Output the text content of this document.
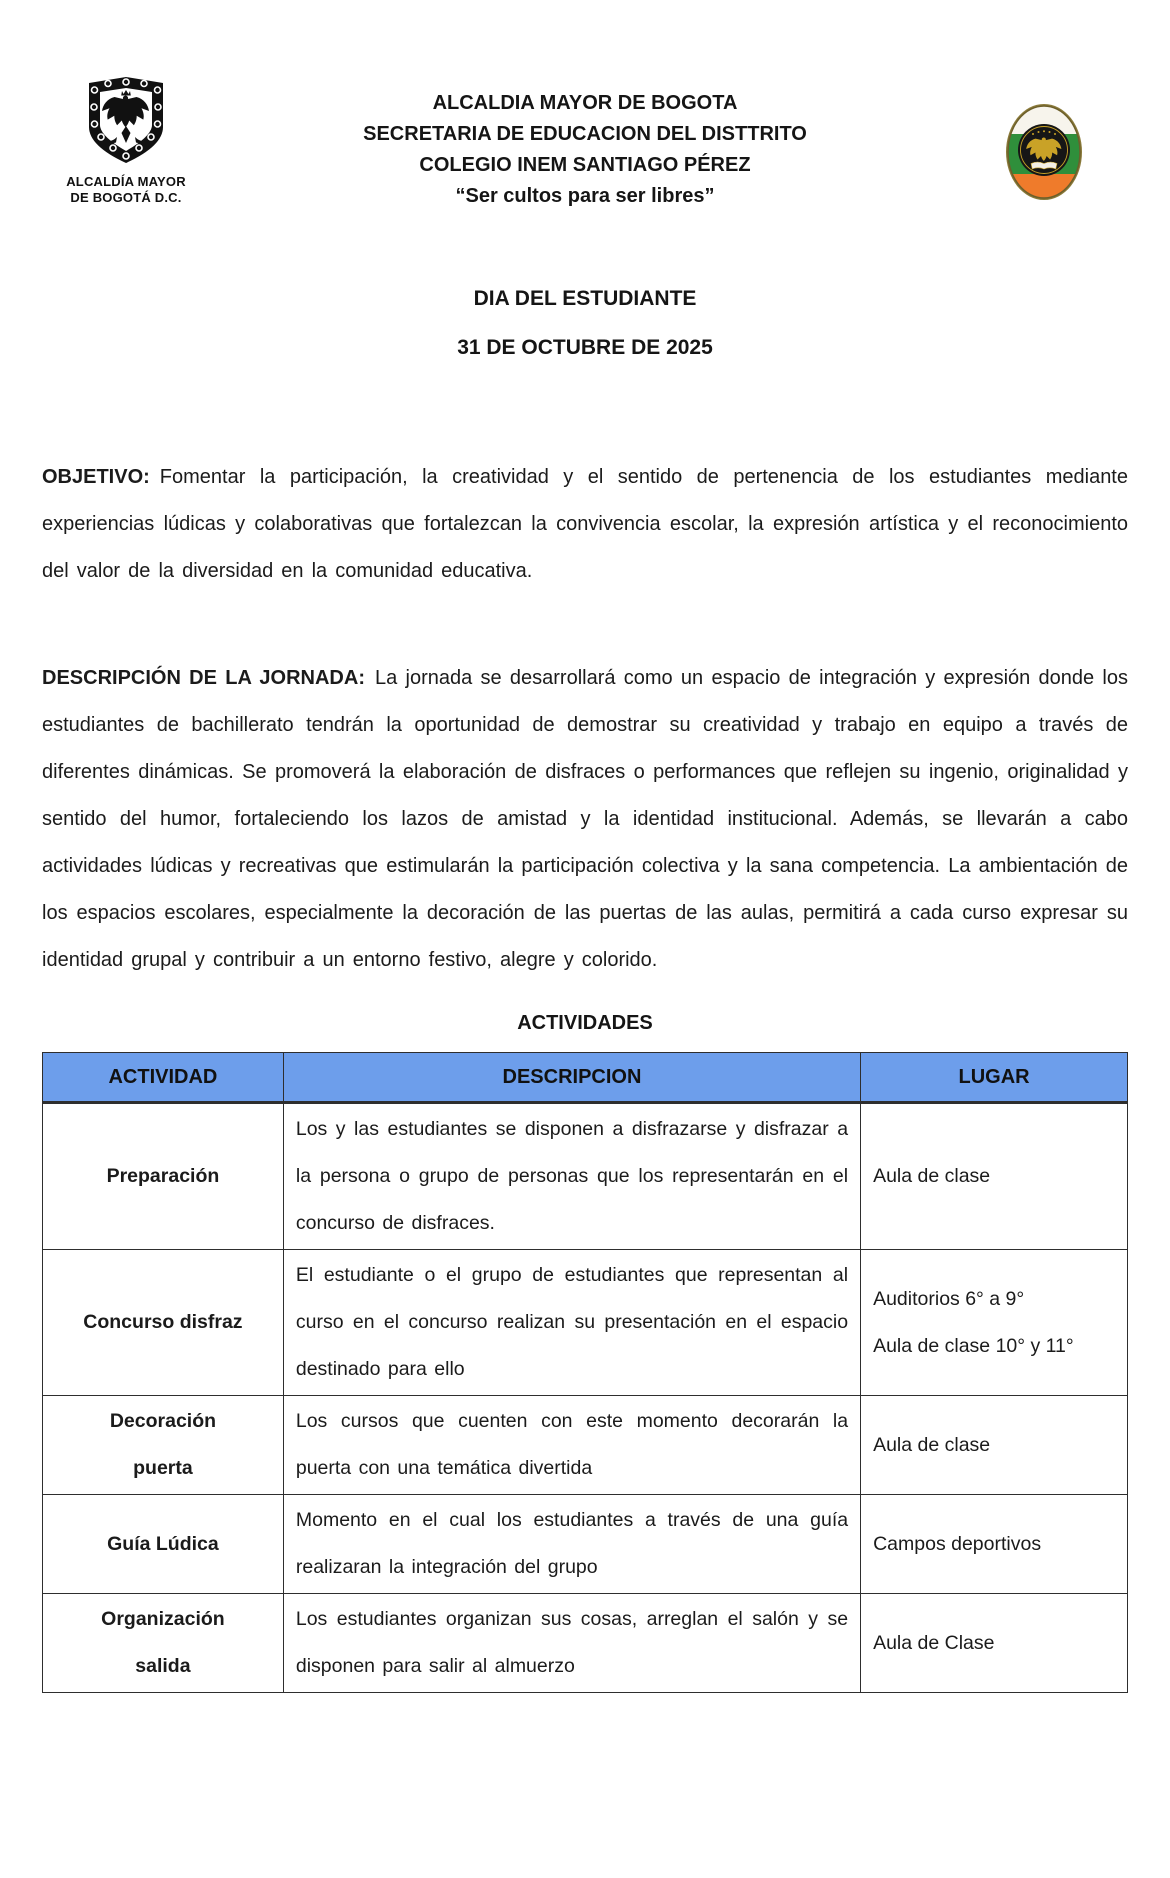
ALCALDÍA MAYOR
DE BOGOTÁ D.C.
ALCALDIA MAYOR DE BOGOTA
SECRETARIA DE EDUCACION DEL DISTTRITO
COLEGIO INEM SANTIAGO PÉREZ
“Ser cultos para ser libres”
DIA DEL ESTUDIANTE
31 DE OCTUBRE DE 2025

OBJETIVO: Fomentar la participación, la creatividad y el sentido de pertenencia de los estudiantes mediante experiencias lúdicas y colaborativas que fortalezcan la convivencia escolar, la expresión artística y el reconocimiento del valor de la diversidad en la comunidad educativa.

DESCRIPCIÓN DE LA JORNADA: La jornada se desarrollará como un espacio de integración y expresión donde los estudiantes de bachillerato tendrán la oportunidad de demostrar su creatividad y trabajo en equipo a través de diferentes dinámicas. Se promoverá la elaboración de disfraces o performances que reflejen su ingenio, originalidad y sentido del humor, fortaleciendo los lazos de amistad y la identidad institucional. Además, se llevarán a cabo actividades lúdicas y recreativas que estimularán la participación colectiva y la sana competencia. La ambientación de los espacios escolares, especialmente la decoración de las puertas de las aulas, permitirá a cada curso expresar su identidad grupal y contribuir a un entorno festivo, alegre y colorido.

ACTIVIDADES
ACTIVIDAD	DESCRIPCION	LUGAR

Preparación	Los y las estudiantes se disponen a disfrazarse y disfrazar a la persona o grupo de personas que los representarán en el concurso de disfraces.	Aula de clase

Concurso disfraz	El estudiante o el grupo de estudiantes que representan al curso en el concurso realizan su presentación en el espacio destinado para ello	Auditorios 6° a 9°
Aula de clase 10° y 11°

Decoración
puerta	Los cursos que cuenten con este momento decorarán la puerta con una temática divertida	Aula de clase

Guía Lúdica	Momento en el cual los estudiantes a través de una guía realizaran la integración del grupo	Campos deportivos

Organización
salida	Los estudiantes organizan sus cosas, arreglan el salón y se disponen para salir al almuerzo	Aula de Clase
